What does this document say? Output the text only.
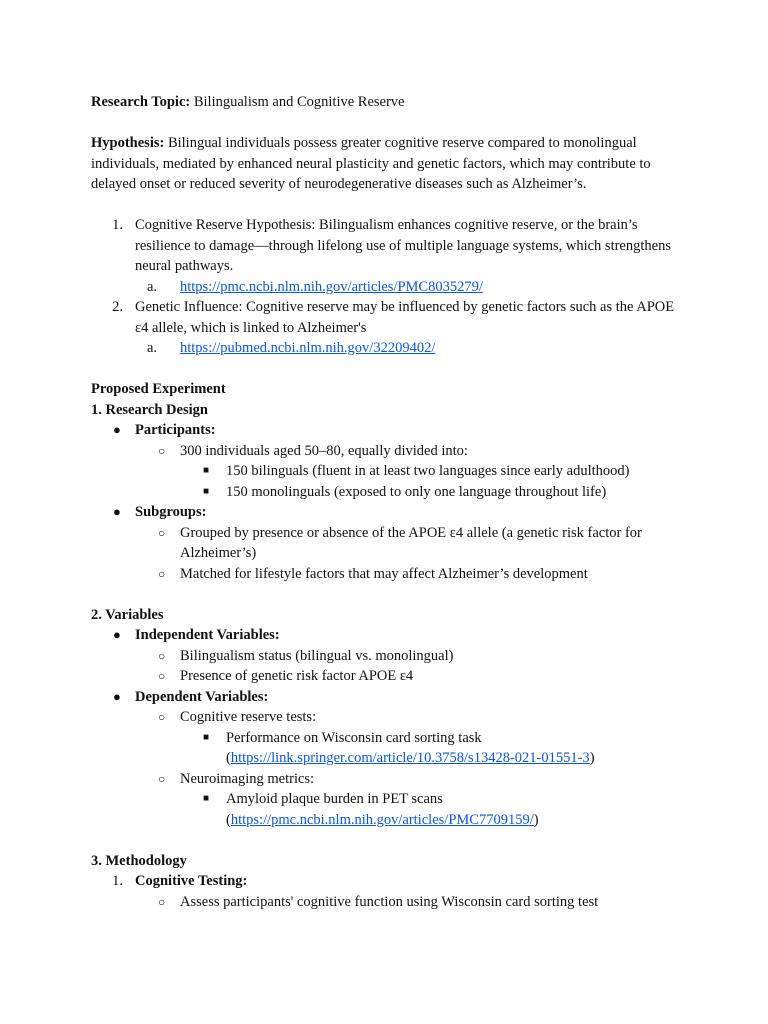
Research Topic: Bilingualism and Cognitive Reserve

Hypothesis: Bilingual individuals possess greater cognitive reserve compared to monolingual individuals, mediated by enhanced neural plasticity and genetic factors, which may contribute to delayed onset or reduced severity of neurodegenerative diseases such as Alzheimer’s.

1. Cognitive Reserve Hypothesis: Bilingualism enhances cognitive reserve, or the brain’s resilience to damage—through lifelong use of multiple language systems, which strengthens neural pathways.
a.	https://pmc.ncbi.nlm.nih.gov/articles/PMC8035279/
2. Genetic Influence: Cognitive reserve may be influenced by genetic factors such as the APOE ε4 allele, which is linked to Alzheimer's
a.	https://pubmed.ncbi.nlm.nih.gov/32209402/

Proposed Experiment

1. Research Design

● Participants:
○	300 individuals aged 50–80, equally divided into:
■	150 bilinguals (fluent in at least two languages since early adulthood)
■	150 monolinguals (exposed to only one language throughout life)
● Subgroups:
○	Grouped by presence or absence of the APOE ε4 allele (a genetic risk factor for Alzheimer’s)
○	Matched for lifestyle factors that may affect Alzheimer’s development

2. Variables

● Independent Variables:
○	Bilingualism status (bilingual vs. monolingual)
○	Presence of genetic risk factor APOE ε4
● Dependent Variables:
○	Cognitive reserve tests:
■	Performance on Wisconsin card sorting task
(https://link.springer.com/article/10.3758/s13428-021-01551-3)
○	Neuroimaging metrics:
■	Amyloid plaque burden in PET scans
(https://pmc.ncbi.nlm.nih.gov/articles/PMC7709159/)

3. Methodology

1. Cognitive Testing:
○	Assess participants' cognitive function using Wisconsin card sorting test
